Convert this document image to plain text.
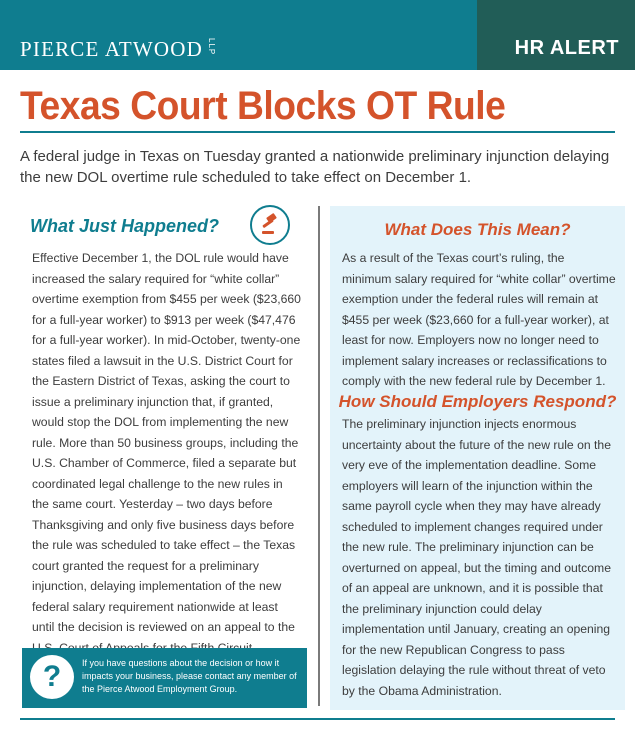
PIERCE ATWOOD LLP	HR ALERT
Texas Court Blocks OT Rule

A federal judge in Texas on Tuesday granted a nationwide preliminary injunction delaying the new DOL overtime rule scheduled to take effect on December 1.

What Just Happened?

Effective December 1, the DOL rule would have increased the salary required for “white collar” overtime exemption from $455 per week ($23,660 for a full-year worker) to $913 per week ($47,476 for a full-year worker). In mid-October, twenty-one states filed a lawsuit in the U.S. District Court for the Eastern District of Texas, asking the court to issue a preliminary injunction that, if granted, would stop the DOL from implementing the new rule. More than 50 business groups, including the U.S. Chamber of Commerce, filed a separate but coordinated legal challenge to the new rules in the same court. Yesterday – two days before Thanksgiving and only five business days before the rule was scheduled to take effect – the Texas court granted the request for a preliminary injunction, delaying implementation of the new federal salary requirement nationwide at least until the decision is reviewed on an appeal to the

?	If you have questions about the decision or how it impacts your business, please contact any member of the Pierce Atwood Employment Group.

What Does This Mean?

As a result of the Texas court’s ruling, the minimum salary required for “white collar” overtime exemption under the federal rules will remain at $455 per week ($23,660 for a full-year worker), at least for now. Employers now no longer need to implement salary increases or reclassifications to comply with the new federal rule by December 1.

How Should Employers Respond?

The preliminary injunction injects enormous uncertainty about the future of the new rule on the very eve of the implementation deadline. Some employers will learn of the injunction within the same payroll cycle when they may have already scheduled to implement changes required under the new rule. The preliminary injunction can be overturned on appeal, but the timing and outcome of an appeal are unknown, and it is possible that the preliminary injunction could delay implementation until January, creating an opening for the new Republican Congress to pass legislation delaying the rule without threat of veto by the Obama Administration.
